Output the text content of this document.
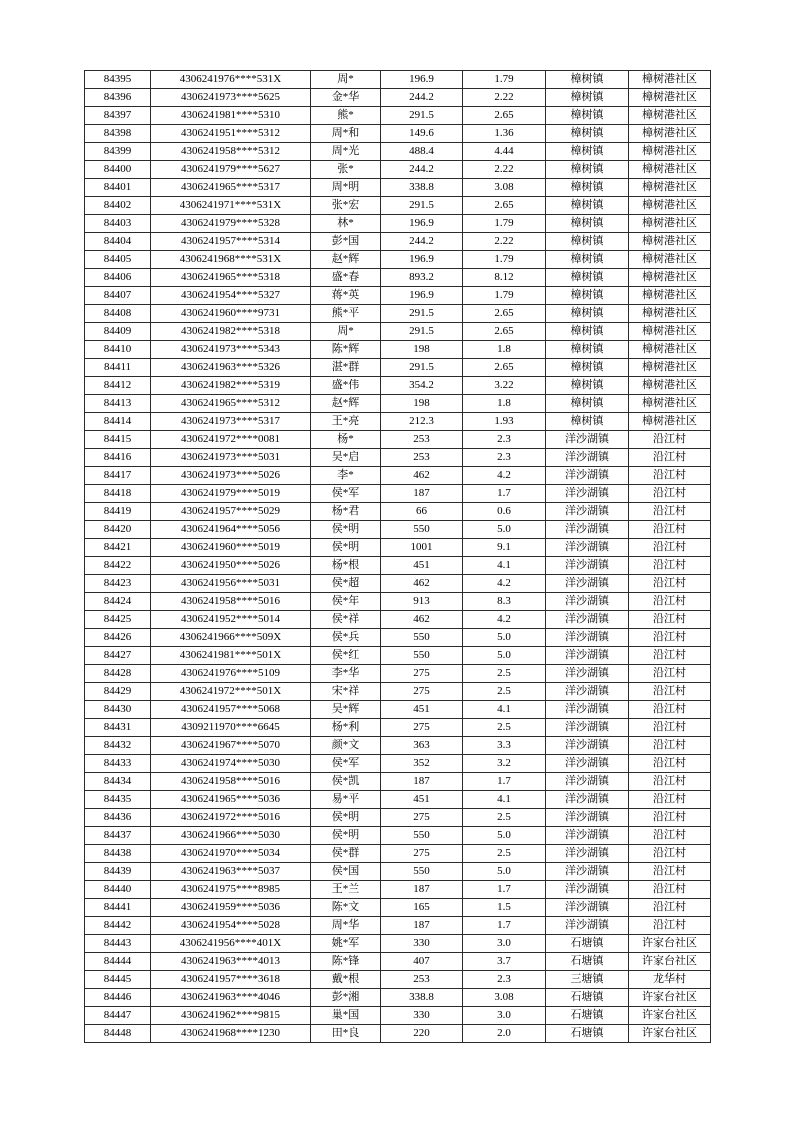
84395	4306241976****531X	周*	196.9	1.79	樟树镇	樟树港社区
84396	4306241973****5625	金*华	244.2	2.22	樟树镇	樟树港社区
84397	4306241981****5310	熊*	291.5	2.65	樟树镇	樟树港社区
84398	4306241951****5312	周*和	149.6	1.36	樟树镇	樟树港社区
84399	4306241958****5312	周*光	488.4	4.44	樟树镇	樟树港社区
84400	4306241979****5627	张*	244.2	2.22	樟树镇	樟树港社区
84401	4306241965****5317	周*明	338.8	3.08	樟树镇	樟树港社区
84402	4306241971****531X	张*宏	291.5	2.65	樟树镇	樟树港社区
84403	4306241979****5328	林*	196.9	1.79	樟树镇	樟树港社区
84404	4306241957****5314	彭*国	244.2	2.22	樟树镇	樟树港社区
84405	4306241968****531X	赵*辉	196.9	1.79	樟树镇	樟树港社区
84406	4306241965****5318	盛*春	893.2	8.12	樟树镇	樟树港社区
84407	4306241954****5327	蒋*英	196.9	1.79	樟树镇	樟树港社区
84408	4306241960****9731	熊*平	291.5	2.65	樟树镇	樟树港社区
84409	4306241982****5318	周*	291.5	2.65	樟树镇	樟树港社区
84410	4306241973****5343	陈*辉	198	1.8	樟树镇	樟树港社区
84411	4306241963****5326	湛*群	291.5	2.65	樟树镇	樟树港社区
84412	4306241982****5319	盛*伟	354.2	3.22	樟树镇	樟树港社区
84413	4306241965****5312	赵*辉	198	1.8	樟树镇	樟树港社区
84414	4306241973****5317	王*亮	212.3	1.93	樟树镇	樟树港社区
84415	4306241972****0081	杨*	253	2.3	洋沙湖镇	沿江村
84416	4306241973****5031	吴*启	253	2.3	洋沙湖镇	沿江村
84417	4306241973****5026	李*	462	4.2	洋沙湖镇	沿江村
84418	4306241979****5019	侯*军	187	1.7	洋沙湖镇	沿江村
84419	4306241957****5029	杨*君	66	0.6	洋沙湖镇	沿江村
84420	4306241964****5056	侯*明	550	5.0	洋沙湖镇	沿江村
84421	4306241960****5019	侯*明	1001	9.1	洋沙湖镇	沿江村
84422	4306241950****5026	杨*根	451	4.1	洋沙湖镇	沿江村
84423	4306241956****5031	侯*超	462	4.2	洋沙湖镇	沿江村
84424	4306241958****5016	侯*年	913	8.3	洋沙湖镇	沿江村
84425	4306241952****5014	侯*祥	462	4.2	洋沙湖镇	沿江村
84426	4306241966****509X	侯*兵	550	5.0	洋沙湖镇	沿江村
84427	4306241981****501X	侯*红	550	5.0	洋沙湖镇	沿江村
84428	4306241976****5109	李*华	275	2.5	洋沙湖镇	沿江村
84429	4306241972****501X	宋*祥	275	2.5	洋沙湖镇	沿江村
84430	4306241957****5068	吴*辉	451	4.1	洋沙湖镇	沿江村
84431	4309211970****6645	杨*利	275	2.5	洋沙湖镇	沿江村
84432	4306241967****5070	颜*文	363	3.3	洋沙湖镇	沿江村
84433	4306241974****5030	侯*军	352	3.2	洋沙湖镇	沿江村
84434	4306241958****5016	侯*凯	187	1.7	洋沙湖镇	沿江村
84435	4306241965****5036	易*平	451	4.1	洋沙湖镇	沿江村
84436	4306241972****5016	侯*明	275	2.5	洋沙湖镇	沿江村
84437	4306241966****5030	侯*明	550	5.0	洋沙湖镇	沿江村
84438	4306241970****5034	侯*群	275	2.5	洋沙湖镇	沿江村
84439	4306241963****5037	侯*国	550	5.0	洋沙湖镇	沿江村
84440	4306241975****8985	王*兰	187	1.7	洋沙湖镇	沿江村
84441	4306241959****5036	陈*文	165	1.5	洋沙湖镇	沿江村
84442	4306241954****5028	周*华	187	1.7	洋沙湖镇	沿江村
84443	4306241956****401X	姚*军	330	3.0	石塘镇	许家台社区
84444	4306241963****4013	陈*锋	407	3.7	石塘镇	许家台社区
84445	4306241957****3618	戴*根	253	2.3	三塘镇	龙华村
84446	4306241963****4046	彭*湘	338.8	3.08	石塘镇	许家台社区
84447	4306241962****9815	巢*国	330	3.0	石塘镇	许家台社区
84448	4306241968****1230	田*良	220	2.0	石塘镇	许家台社区
